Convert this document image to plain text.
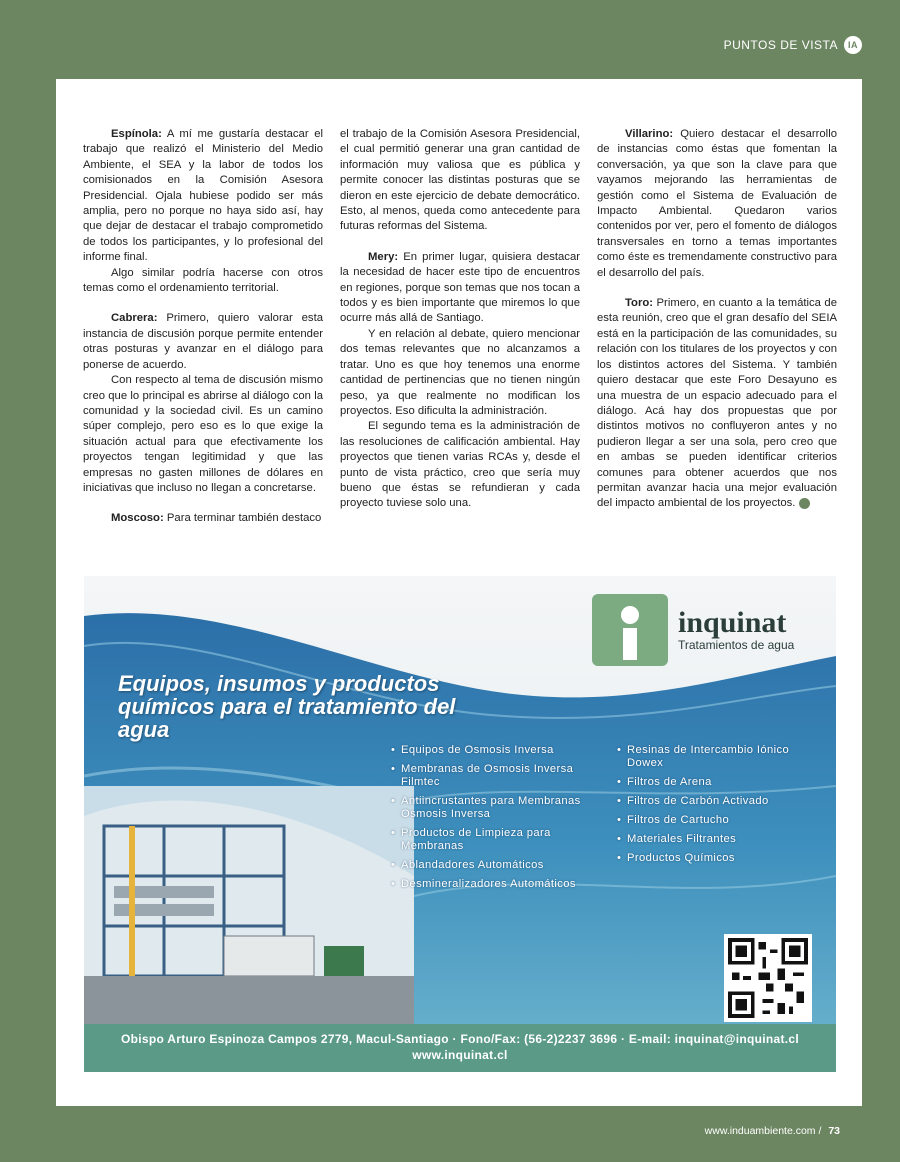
PUNTOS DE VISTA	IA

Espínola: A mí me gustaría destacar el trabajo que realizó el Ministerio del Medio Ambiente, el SEA y la labor de todos los comisionados en la Comisión Asesora Presidencial. Ojala hubiese podido ser más amplia, pero no porque no haya sido así, hay que dejar de destacar el trabajo comprometido de todos los participantes, y lo profesional del informe final.

Algo similar podría hacerse con otros temas como el ordenamiento territorial.

Cabrera: Primero, quiero valorar esta instancia de discusión porque permite entender otras posturas y avanzar en el diálogo para ponerse de acuerdo.

Con respecto al tema de discusión mismo creo que lo principal es abrirse al diálogo con la comunidad y la sociedad civil. Es un camino súper complejo, pero eso es lo que exige la situación actual para que efectivamente los proyectos tengan legitimidad y que las empresas no gasten millones de dólares en iniciativas que incluso no llegan a concretarse.

Moscoso: Para terminar también destaco

el trabajo de la Comisión Asesora Presidencial, el cual permitió generar una gran cantidad de información muy valiosa que es pública y permite conocer las distintas posturas que se dieron en este ejercicio de debate democrático. Esto, al menos, queda como antecedente para futuras reformas del Sistema.

Mery: En primer lugar, quisiera destacar la necesidad de hacer este tipo de encuentros en regiones, porque son temas que nos tocan a todos y es bien importante que miremos lo que ocurre más allá de Santiago.

Y en relación al debate, quiero mencionar dos temas relevantes que no alcanzamos a tratar. Uno es que hoy tenemos una enorme cantidad de pertinencias que no tienen ningún peso, ya que realmente no modifican los proyectos. Eso dificulta la administración.

El segundo tema es la administración de las resoluciones de calificación ambiental. Hay proyectos que tienen varias RCAs y, desde el punto de vista práctico, creo que sería muy bueno que éstas se refundieran y cada proyecto tuviese solo una.

Villarino: Quiero destacar el desarrollo de instancias como éstas que fomentan la conversación, ya que son la clave para que vayamos mejorando las herramientas de gestión como el Sistema de Evaluación de Impacto Ambiental. Quedaron varios contenidos por ver, pero el fomento de diálogos transversales en torno a temas importantes como éste es tremendamente constructivo para el desarrollo del país.

Toro: Primero, en cuanto a la temática de esta reunión, creo que el gran desafío del SEIA está en la participación de las comunidades, su relación con los titulares de los proyectos y con los distintos actores del Sistema. Y también quiero destacar que este Foro Desayuno es una muestra de un espacio adecuado para el diálogo. Acá hay dos propuestas que por distintos motivos no confluyeron antes y no pudieron llegar a ser una sola, pero creo que en ambas se pueden identificar criterios comunes para obtener acuerdos que nos permitan avanzar hacia una mejor evaluación del impacto ambiental de los proyectos.

inquinat
Tratamientos de agua
Equipos, insumos y productos químicos para el tratamiento del agua
• Equipos de Osmosis Inversa
• Membranas de Osmosis Inversa Filmtec
• Antiincrustantes para Membranas Osmosis Inversa
• Productos de Limpieza para Membranas
• Ablandadores Automáticos
• Desmineralizadores Automáticos
• Resinas de Intercambio Iónico Dowex
• Filtros de Arena
• Filtros de Carbón Activado
• Filtros de Cartucho
• Materiales Filtrantes
• Productos Químicos
Obispo Arturo Espinoza Campos 2779, Macul-Santiago · Fono/Fax: (56-2)2237 3696 · E-mail: inquinat@inquinat.cl
www.inquinat.cl
www.induambiente.com / 73
